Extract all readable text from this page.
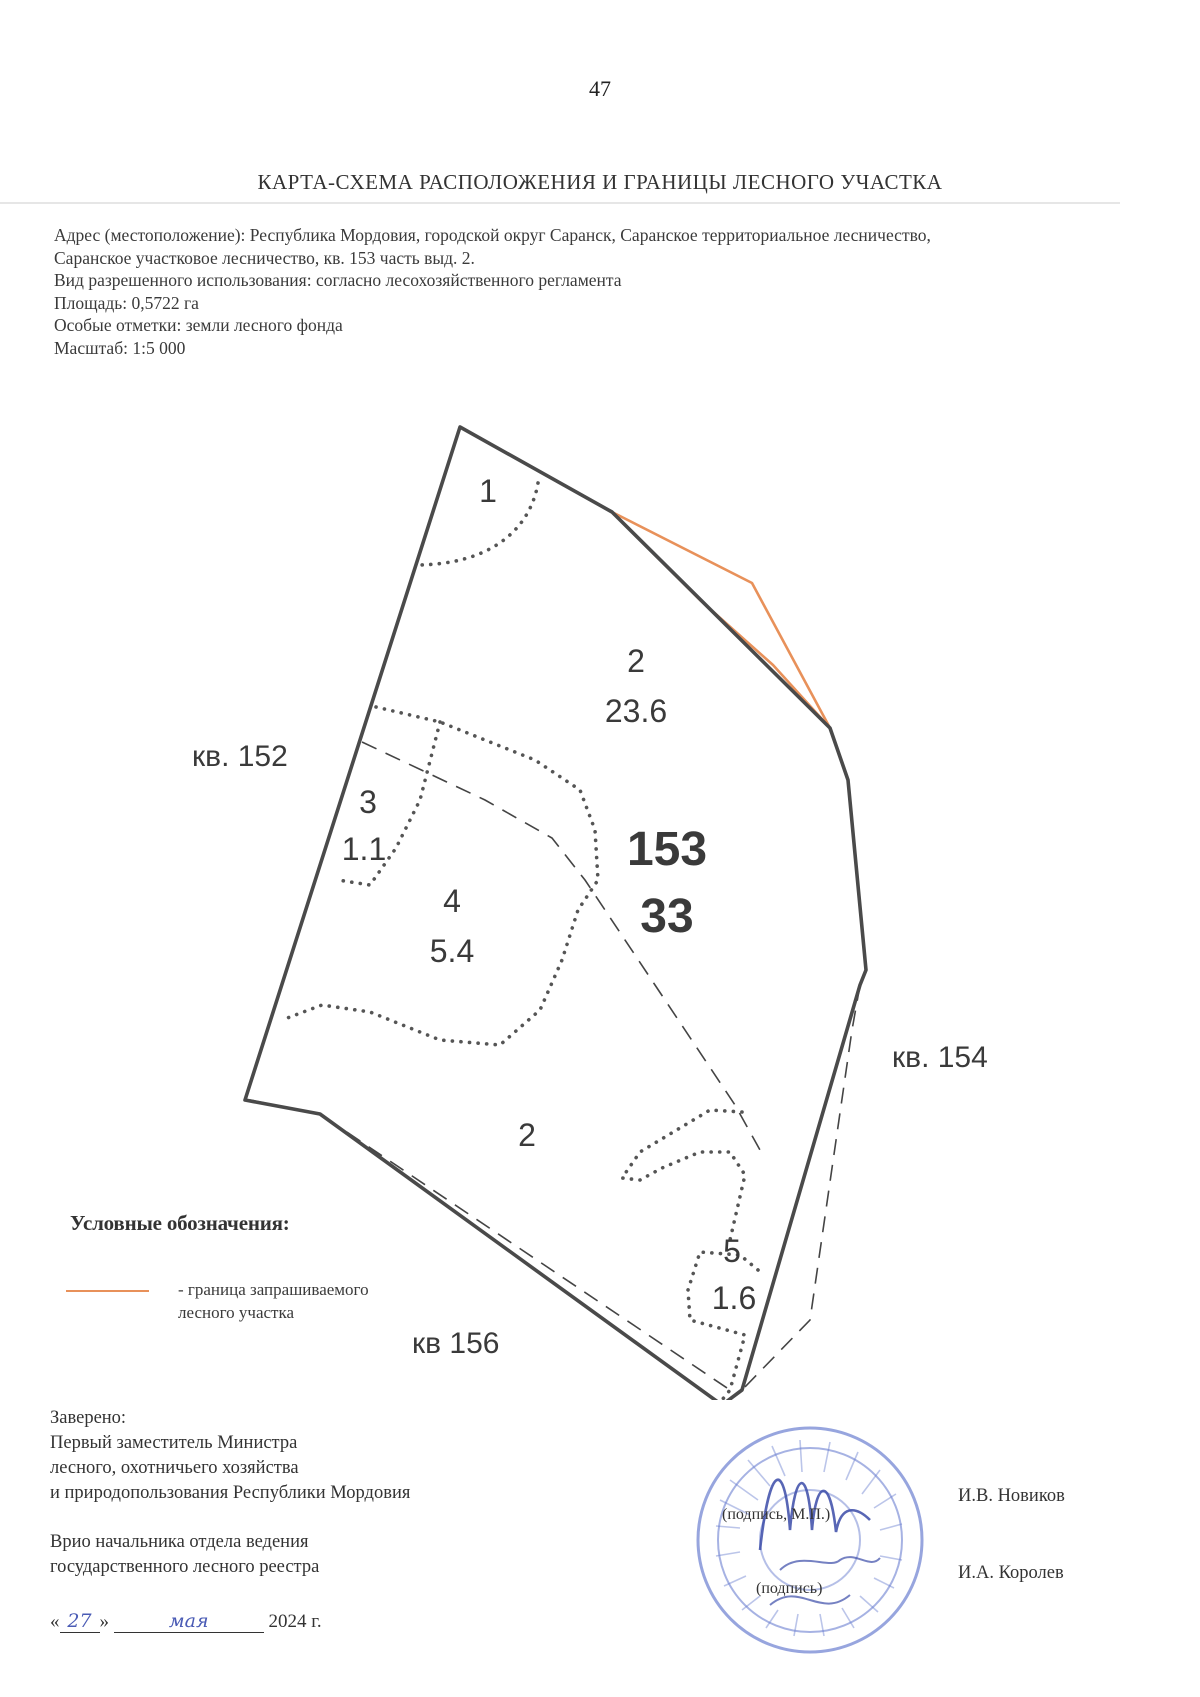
47
КАРТА-СХЕМА РАСПОЛОЖЕНИЯ И ГРАНИЦЫ ЛЕСНОГО УЧАСТКА
Адрес (местоположение): Республика Мордовия, городской округ Саранск, Саранское территориальное лесничество,
Саранское участковое лесничество, кв. 153 часть выд. 2.
Вид разрешенного использования: согласно лесохозяйственного регламента
Площадь: 0,5722 га
Особые отметки: земли лесного фонда
Масштаб: 1:5 000
1
2
23.6
3
1.1
4
5.4
2
5
1.6
153
33
кв. 152
кв. 154
кв 156
Условные обозначения:
- граница запрашиваемого
лесного участка
Заверено:
Первый заместитель Министра
лесного, охотничьего хозяйства
и природопользования Республики Мордовия
Врио начальника отдела ведения
государственного лесного реестра
(подпись, М.П.)
(подпись)
И.В. Новиков
И.А. Королев
« 27 »	мая	2024 г.
